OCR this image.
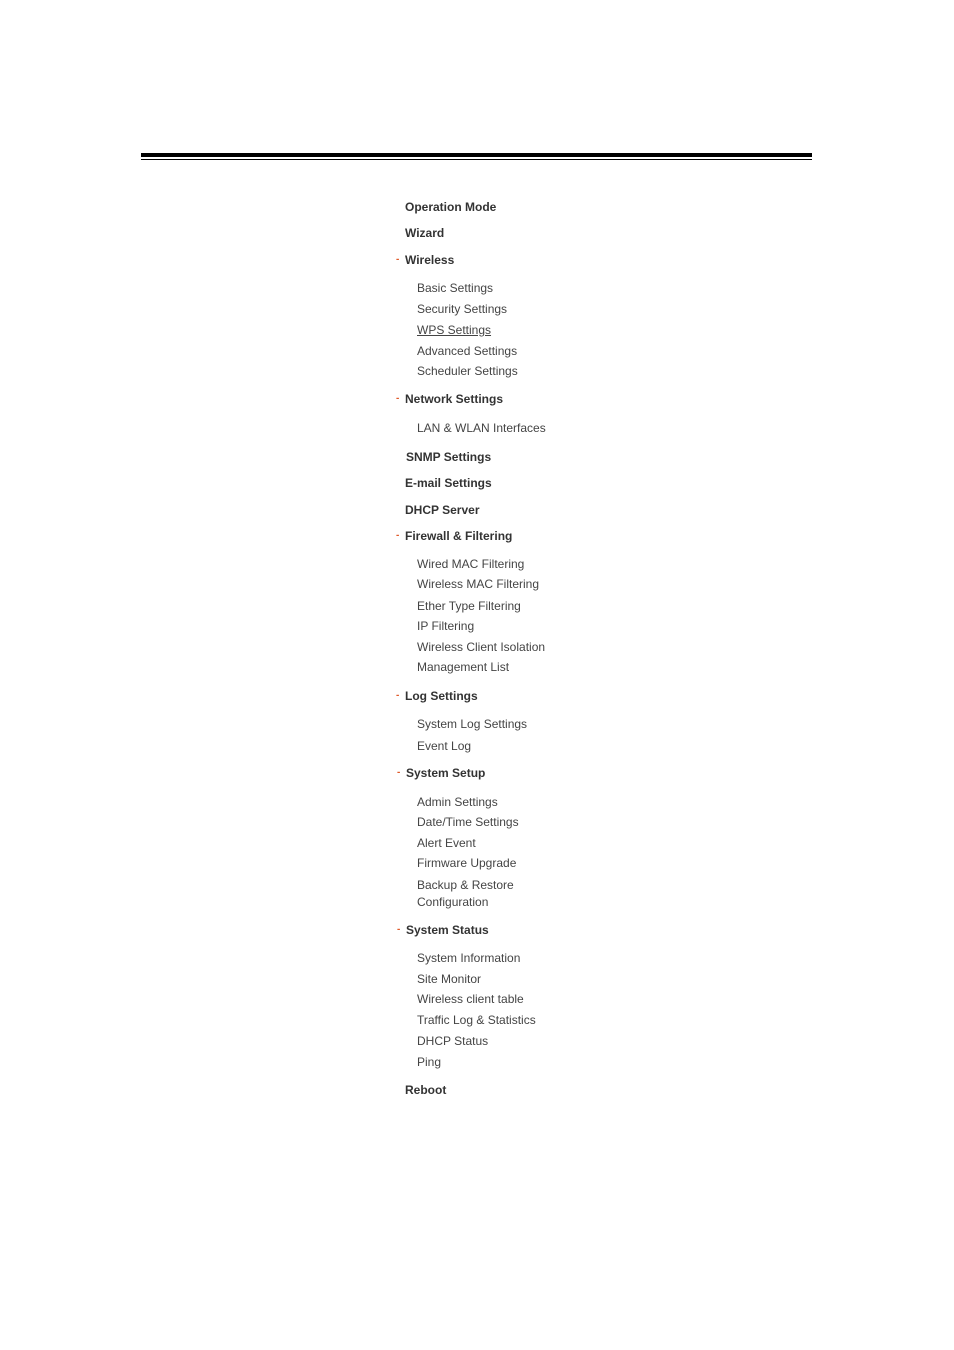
Operation Mode
Wizard
- Wireless
Basic Settings
Security Settings
WPS Settings
Advanced Settings
Scheduler Settings
- Network Settings
LAN & WLAN Interfaces
SNMP Settings
E-mail Settings
DHCP Server
- Firewall & Filtering
Wired MAC Filtering
Wireless MAC Filtering
Ether Type Filtering
IP Filtering
Wireless Client Isolation
Management List
- Log Settings
System Log Settings
Event Log
- System Setup
Admin Settings
Date/Time Settings
Alert Event
Firmware Upgrade
Backup & Restore
Configuration
- System Status
System Information
Site Monitor
Wireless client table
Traffic Log & Statistics
DHCP Status
Ping
Reboot
